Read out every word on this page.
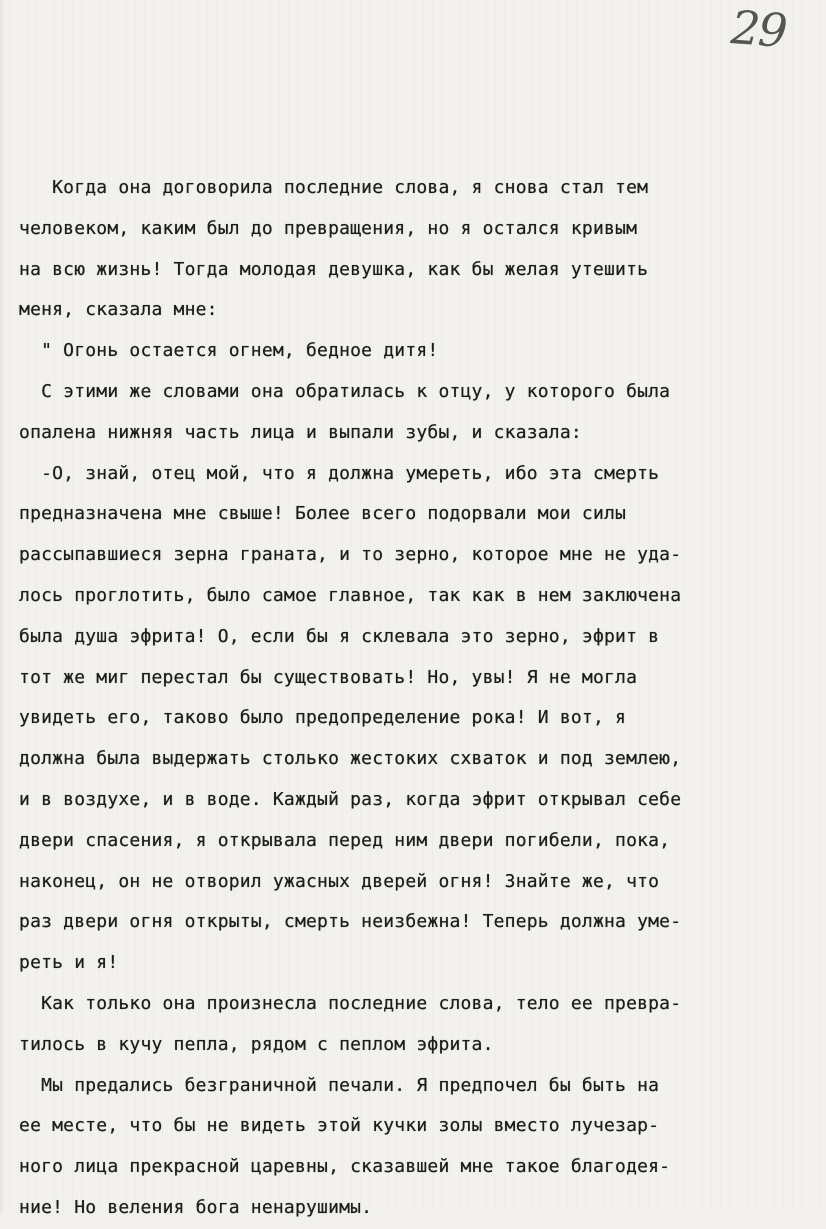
29
Когда она договорила последние слова, я снова стал тем
человеком, каким был до превращения, но я остался кривым
на всю жизнь! Тогда молодая девушка, как бы желая утешить
меня, сказала мне:
" Огонь остается огнем, бедное дитя!
С этими же словами она обратилась к отцу, у которого была
опалена нижняя часть лица и выпали зубы, и сказала:
-О, знай, отец мой, что я должна умереть, ибо эта смерть
предназначена мне свыше! Более всего подорвали мои силы
рассыпавшиеся зерна граната, и то зерно, которое мне не уда-
лось проглотить, было самое главное, так как в нем заключена
была душа эфрита! О, если бы я склевала это зерно, эфрит в
тот же миг перестал бы существовать! Но, увы! Я не могла
увидеть его, таково было предопределение рока! И вот, я
должна была выдержать столько жестоких схваток и под землею,
и в воздухе, и в воде. Каждый раз, когда эфрит открывал себе
двери спасения, я открывала перед ним двери погибели, пока,
наконец, он не отворил ужасных дверей огня! Знайте же, что
раз двери огня открыты, смерть неизбежна! Теперь должна уме-
реть и я!
Как только она произнесла последние слова, тело ее превра-
тилось в кучу пепла, рядом с пеплом эфрита.
Мы предались безграничной печали. Я предпочел бы быть на
ее месте, что бы не видеть этой кучки золы вместо лучезар-
ного лица прекрасной царевны, сказавшей мне такое благодея-
ние! Но веления бога ненарушимы.
